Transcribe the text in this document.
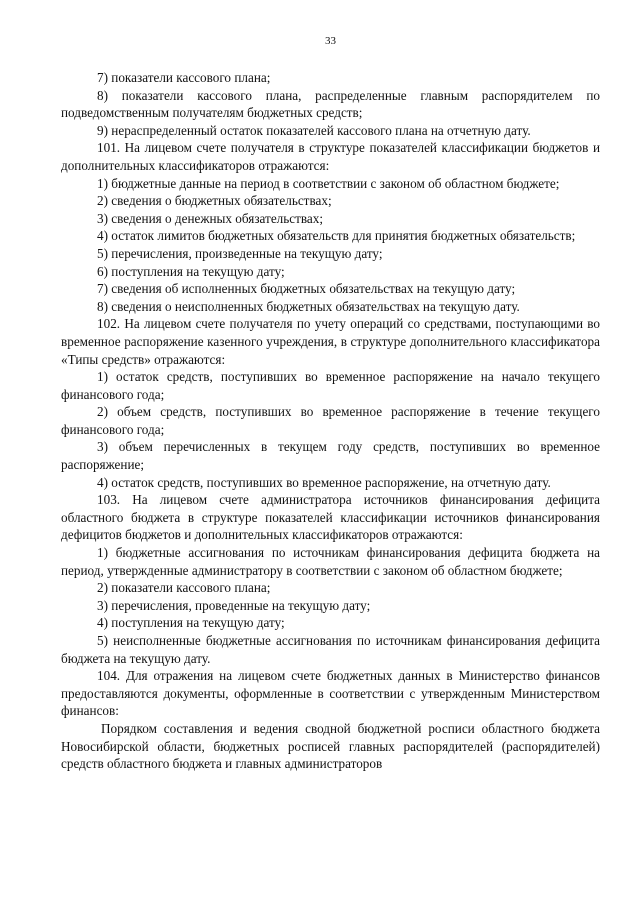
33

7) показатели кассового плана;

8) показатели кассового плана, распределенные главным распорядителем по подведомственным получателям бюджетных средств;

9) нераспределенный остаток показателей кассового плана на отчетную дату.

101. На лицевом счете получателя в структуре показателей классификации бюджетов и дополнительных классификаторов отражаются:

1) бюджетные данные на период в соответствии с законом об областном бюджете;

2) сведения о бюджетных обязательствах;

3) сведения о денежных обязательствах;

4) остаток лимитов бюджетных обязательств для принятия бюджетных обязательств;

5) перечисления, произведенные на текущую дату;

6) поступления на текущую дату;

7) сведения об исполненных бюджетных обязательствах на текущую дату;

8) сведения о неисполненных бюджетных обязательствах на текущую дату.

102. На лицевом счете получателя по учету операций со средствами, поступающими во временное распоряжение казенного учреждения, в структуре дополнительного классификатора «Типы средств» отражаются:

1) остаток средств, поступивших во временное распоряжение на начало текущего финансового года;

2) объем средств, поступивших во временное распоряжение в течение текущего финансового года;

3) объем перечисленных в текущем году средств, поступивших во временное распоряжение;

4) остаток средств, поступивших во временное распоряжение, на отчетную дату.

103. На лицевом счете администратора источников финансирования дефицита областного бюджета в структуре показателей классификации источников финансирования дефицитов бюджетов и дополнительных классификаторов отражаются:

1) бюджетные ассигнования по источникам финансирования дефицита бюджета на период, утвержденные администратору в соответствии с законом об областном бюджете;

2) показатели кассового плана;

3) перечисления, проведенные на текущую дату;

4) поступления на текущую дату;

5) неисполненные бюджетные ассигнования по источникам финансирования дефицита бюджета на текущую дату.

104. Для отражения на лицевом счете бюджетных данных в Министерство финансов предоставляются документы, оформленные в соответствии с утвержденным Министерством финансов:

Порядком составления и ведения сводной бюджетной росписи областного бюджета Новосибирской области, бюджетных росписей главных распорядителей (распорядителей) средств областного бюджета и главных администраторов
